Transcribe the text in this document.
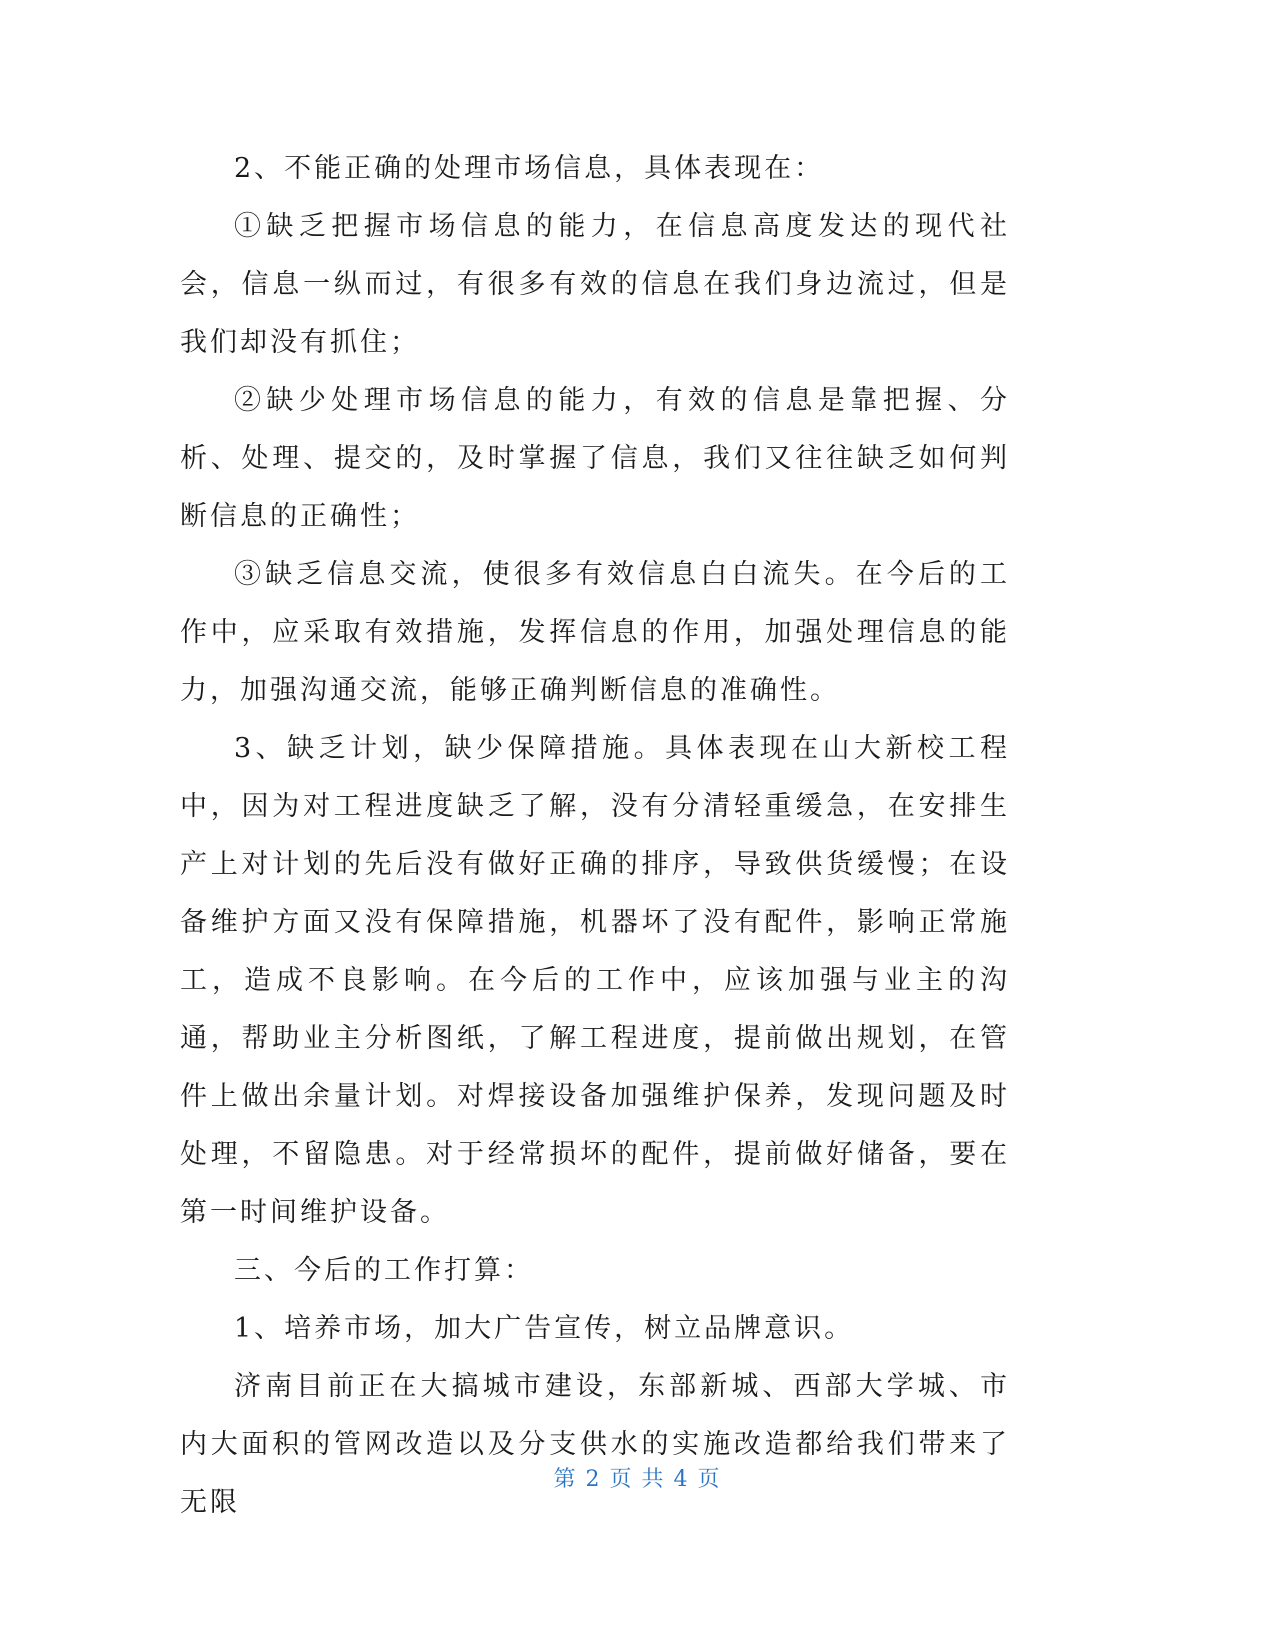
2、不能正确的处理市场信息，具体表现在：

①缺乏把握市场信息的能力，在信息高度发达的现代社会，信息一纵而过，有很多有效的信息在我们身边流过，但是我们却没有抓住；

②缺少处理市场信息的能力，有效的信息是靠把握、分析、处理、提交的，及时掌握了信息，我们又往往缺乏如何判断信息的正确性；

③缺乏信息交流，使很多有效信息白白流失。在今后的工作中，应采取有效措施，发挥信息的作用，加强处理信息的能力，加强沟通交流，能够正确判断信息的准确性。

3、缺乏计划，缺少保障措施。具体表现在山大新校工程中，因为对工程进度缺乏了解，没有分清轻重缓急，在安排生产上对计划的先后没有做好正确的排序，导致供货缓慢；在设备维护方面又没有保障措施，机器坏了没有配件，影响正常施工，造成不良影响。在今后的工作中，应该加强与业主的沟通，帮助业主分析图纸，了解工程进度，提前做出规划，在管件上做出余量计划。对焊接设备加强维护保养，发现问题及时处理，不留隐患。对于经常损坏的配件，提前做好储备，要在第一时间维护设备。

三、今后的工作打算：

1、培养市场，加大广告宣传，树立品牌意识。

济南目前正在大搞城市建设，东部新城、西部大学城、市内大面积的管网改造以及分支供水的实施改造都给我们带来了无限

第 2 页 共 4 页
